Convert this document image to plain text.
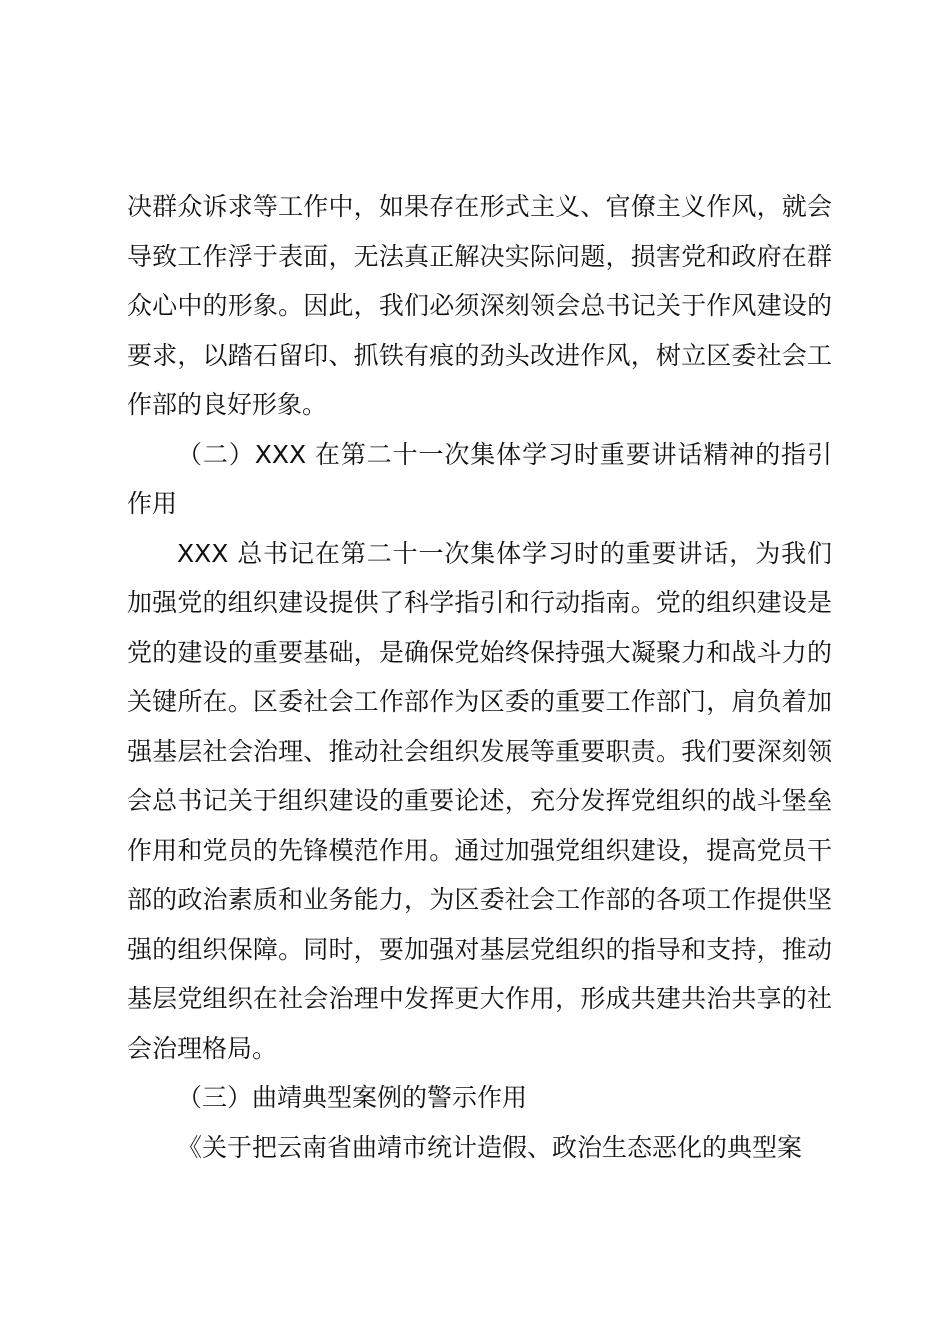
决群众诉求等工作中，如果存在形式主义、官僚主义作风，就会导致工作浮于表面，无法真正解决实际问题，损害党和政府在群众心中的形象。因此，我们必须深刻领会总书记关于作风建设的要求，以踏石留印、抓铁有痕的劲头改进作风，树立区委社会工作部的良好形象。

（二）XXX 在第二十一次集体学习时重要讲话精神的指引作用

XXX 总书记在第二十一次集体学习时的重要讲话，为我们加强党的组织建设提供了科学指引和行动指南。党的组织建设是党的建设的重要基础，是确保党始终保持强大凝聚力和战斗力的关键所在。区委社会工作部作为区委的重要工作部门，肩负着加强基层社会治理、推动社会组织发展等重要职责。我们要深刻领会总书记关于组织建设的重要论述，充分发挥党组织的战斗堡垒作用和党员的先锋模范作用。通过加强党组织建设，提高党员干部的政治素质和业务能力，为区委社会工作部的各项工作提供坚强的组织保障。同时，要加强对基层党组织的指导和支持，推动基层党组织在社会治理中发挥更大作用，形成共建共治共享的社会治理格局。

（三）曲靖典型案例的警示作用

《关于把云南省曲靖市统计造假、政治生态恶化的典型案
